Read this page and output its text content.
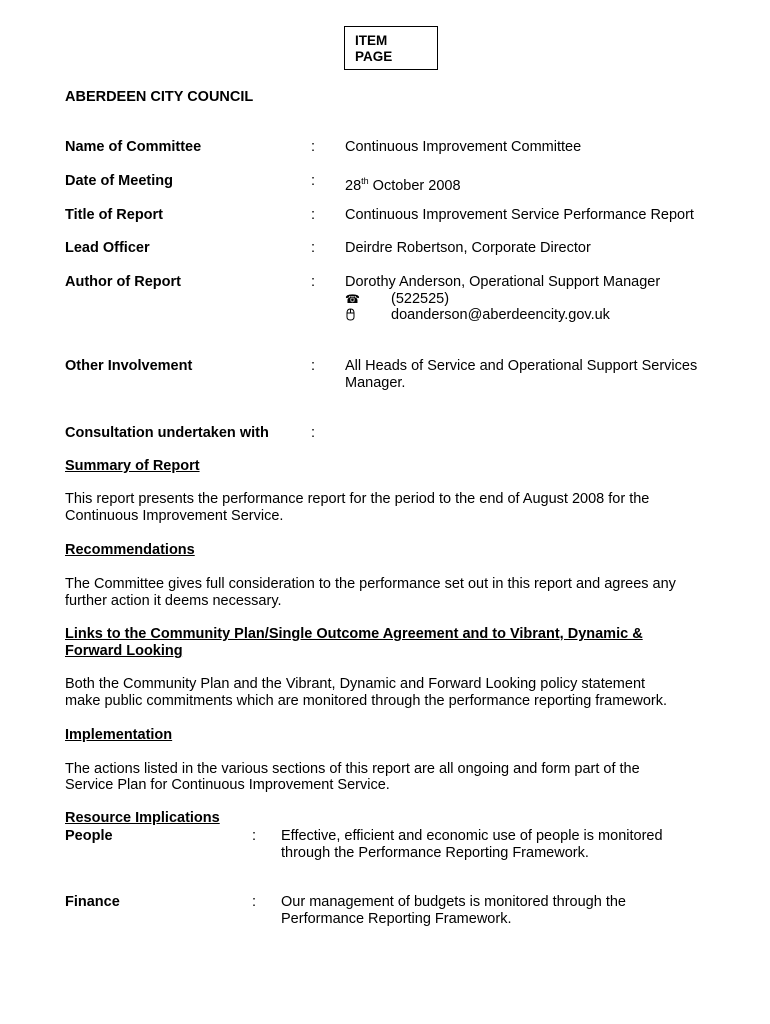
ITEM
PAGE
ABERDEEN CITY COUNCIL
Name of Committee	: Continuous Improvement Committee
Date of Meeting	: 28th October 2008
Title of Report	: Continuous Improvement Service Performance Report
Lead Officer	: Deirdre Robertson, Corporate Director
Author of Report	: Dorothy Anderson, Operational Support Manager
☎ (522525)
doanderson@aberdeencity.gov.uk
Other Involvement	: All Heads of Service and Operational Support Services
Manager.
Consultation undertaken with	:
Summary of Report
This report presents the performance report for the period to the end of August 2008 for the
Continuous Improvement Service.
Recommendations
The Committee gives full consideration to the performance set out in this report and agrees any
further action it deems necessary.
Links to the Community Plan/Single Outcome Agreement and to Vibrant, Dynamic &
Forward Looking
Both the Community Plan and the Vibrant, Dynamic and Forward Looking policy statement
make public commitments which are monitored through the performance reporting framework.
Implementation
The actions listed in the various sections of this report are all ongoing and form part of the
Service Plan for Continuous Improvement Service.
Resource Implications
People	: Effective, efficient and economic use of people is monitored
through the Performance Reporting Framework.
Finance	: Our management of budgets is monitored through the
Performance Reporting Framework.
